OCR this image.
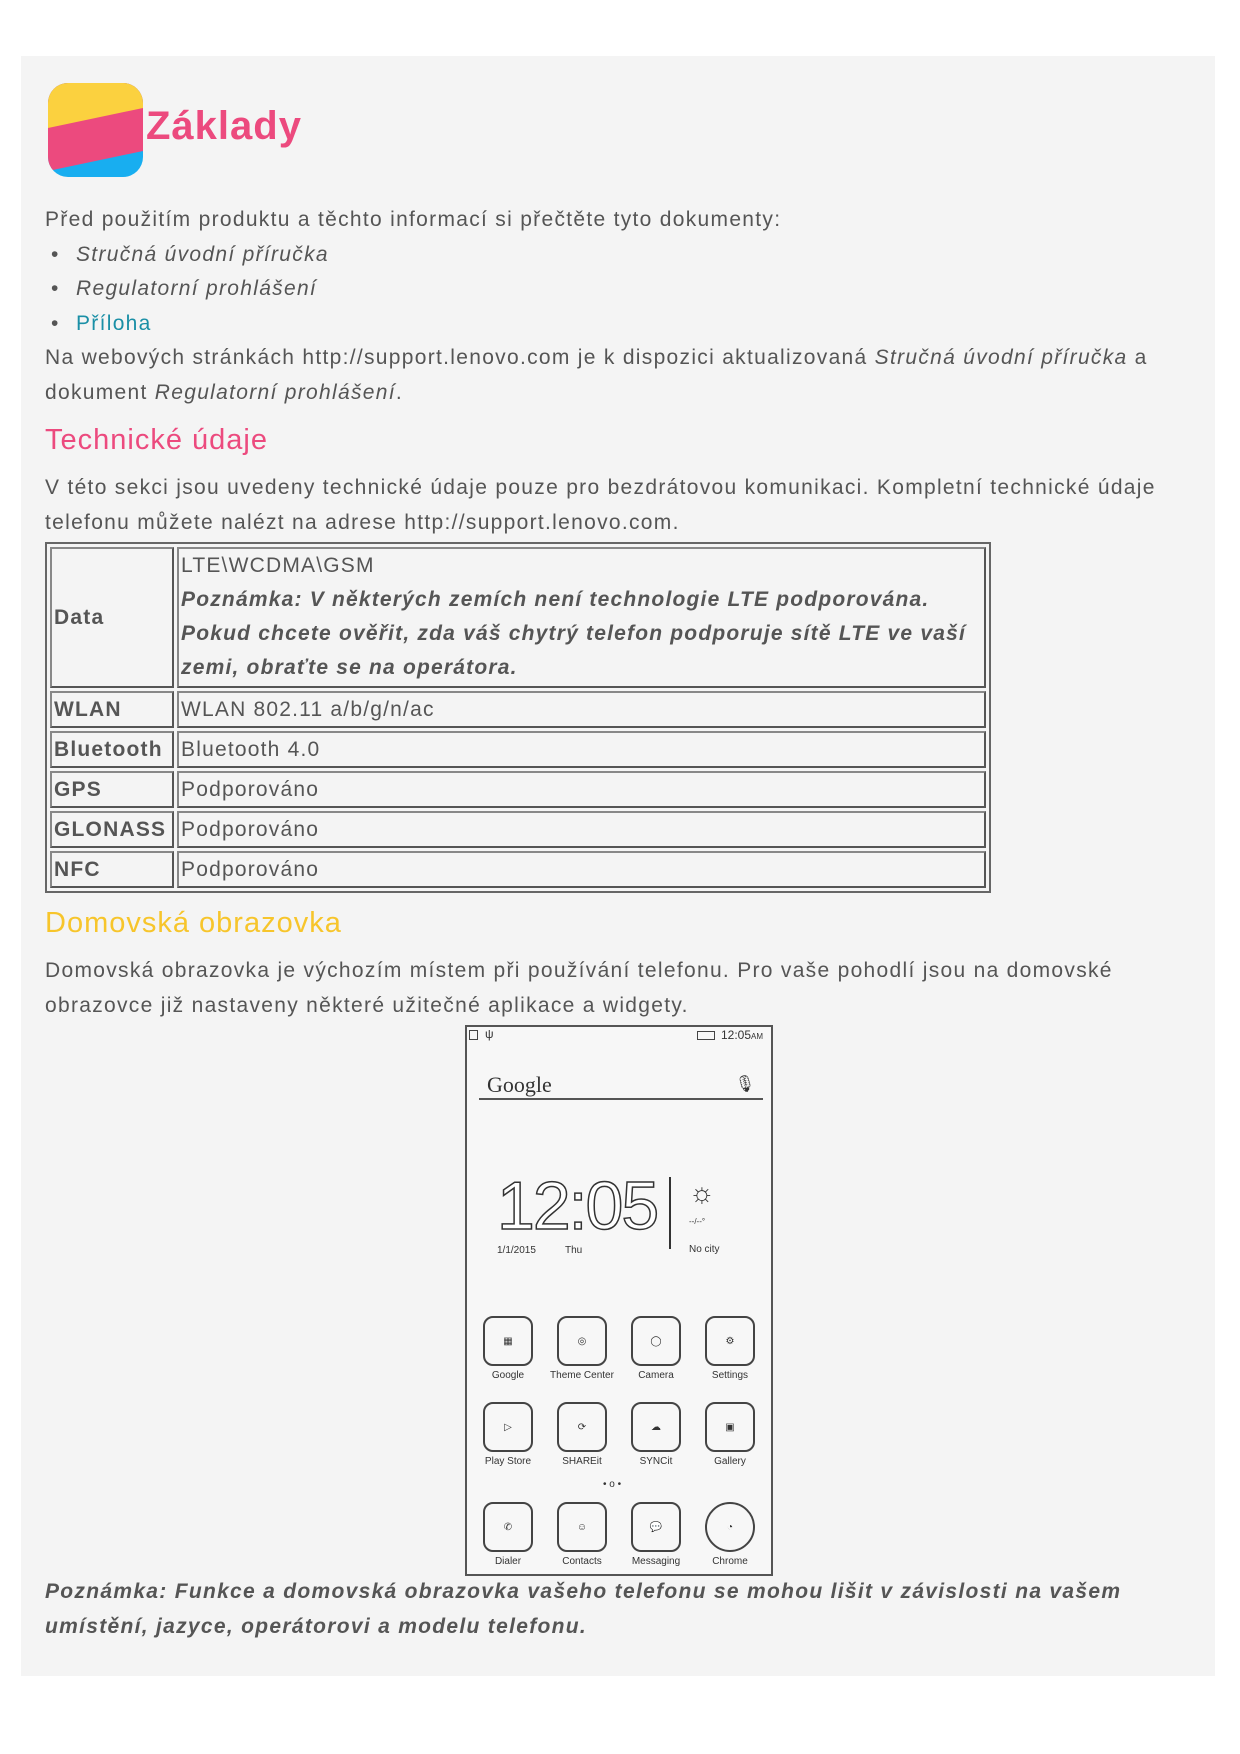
Základy
Před použitím produktu a těchto informací si přečtěte tyto dokumenty:
• Stručná úvodní příručka
• Regulatorní prohlášení
• Příloha
Na webových stránkách http://support.lenovo.com je k dispozici aktualizovaná Stručná úvodní příručka a dokument Regulatorní prohlášení.
Technické údaje
V této sekci jsou uvedeny technické údaje pouze pro bezdrátovou komunikaci. Kompletní technické údaje telefonu můžete nalézt na adrese http://support.lenovo.com.
Data	LTE\WCDMA\GSM
Poznámka: V některých zemích není technologie LTE podporována. Pokud chcete ověřit, zda váš chytrý telefon podporuje sítě LTE ve vaší zemi, obraťte se na operátora.

WLAN	WLAN 802.11 a/b/g/n/ac
Bluetooth	Bluetooth 4.0
GPS	Podporováno
GLONASS	Podporováno
NFC	Podporováno
Domovská obrazovka
Domovská obrazovka je výchozím místem při používání telefonu. Pro vaše pohodlí jsou na domovské obrazovce již nastaveny některé užitečné aplikace a widgety.
ψ	12:05AM
Google	🎙
12:05
1/1/2015	Thu
☼
--/--°
No city
▦
Google
◎
Theme Center
◯
Camera
⚙
Settings
▷
Play Store
⟳
SHAREit
☁
SYNCit
▣
Gallery
• o •
✆
Dialer
☺
Contacts
💬
Messaging
◔
Chrome
Poznámka: Funkce a domovská obrazovka vašeho telefonu se mohou lišit v závislosti na vašem umístění, jazyce, operátorovi a modelu telefonu.
